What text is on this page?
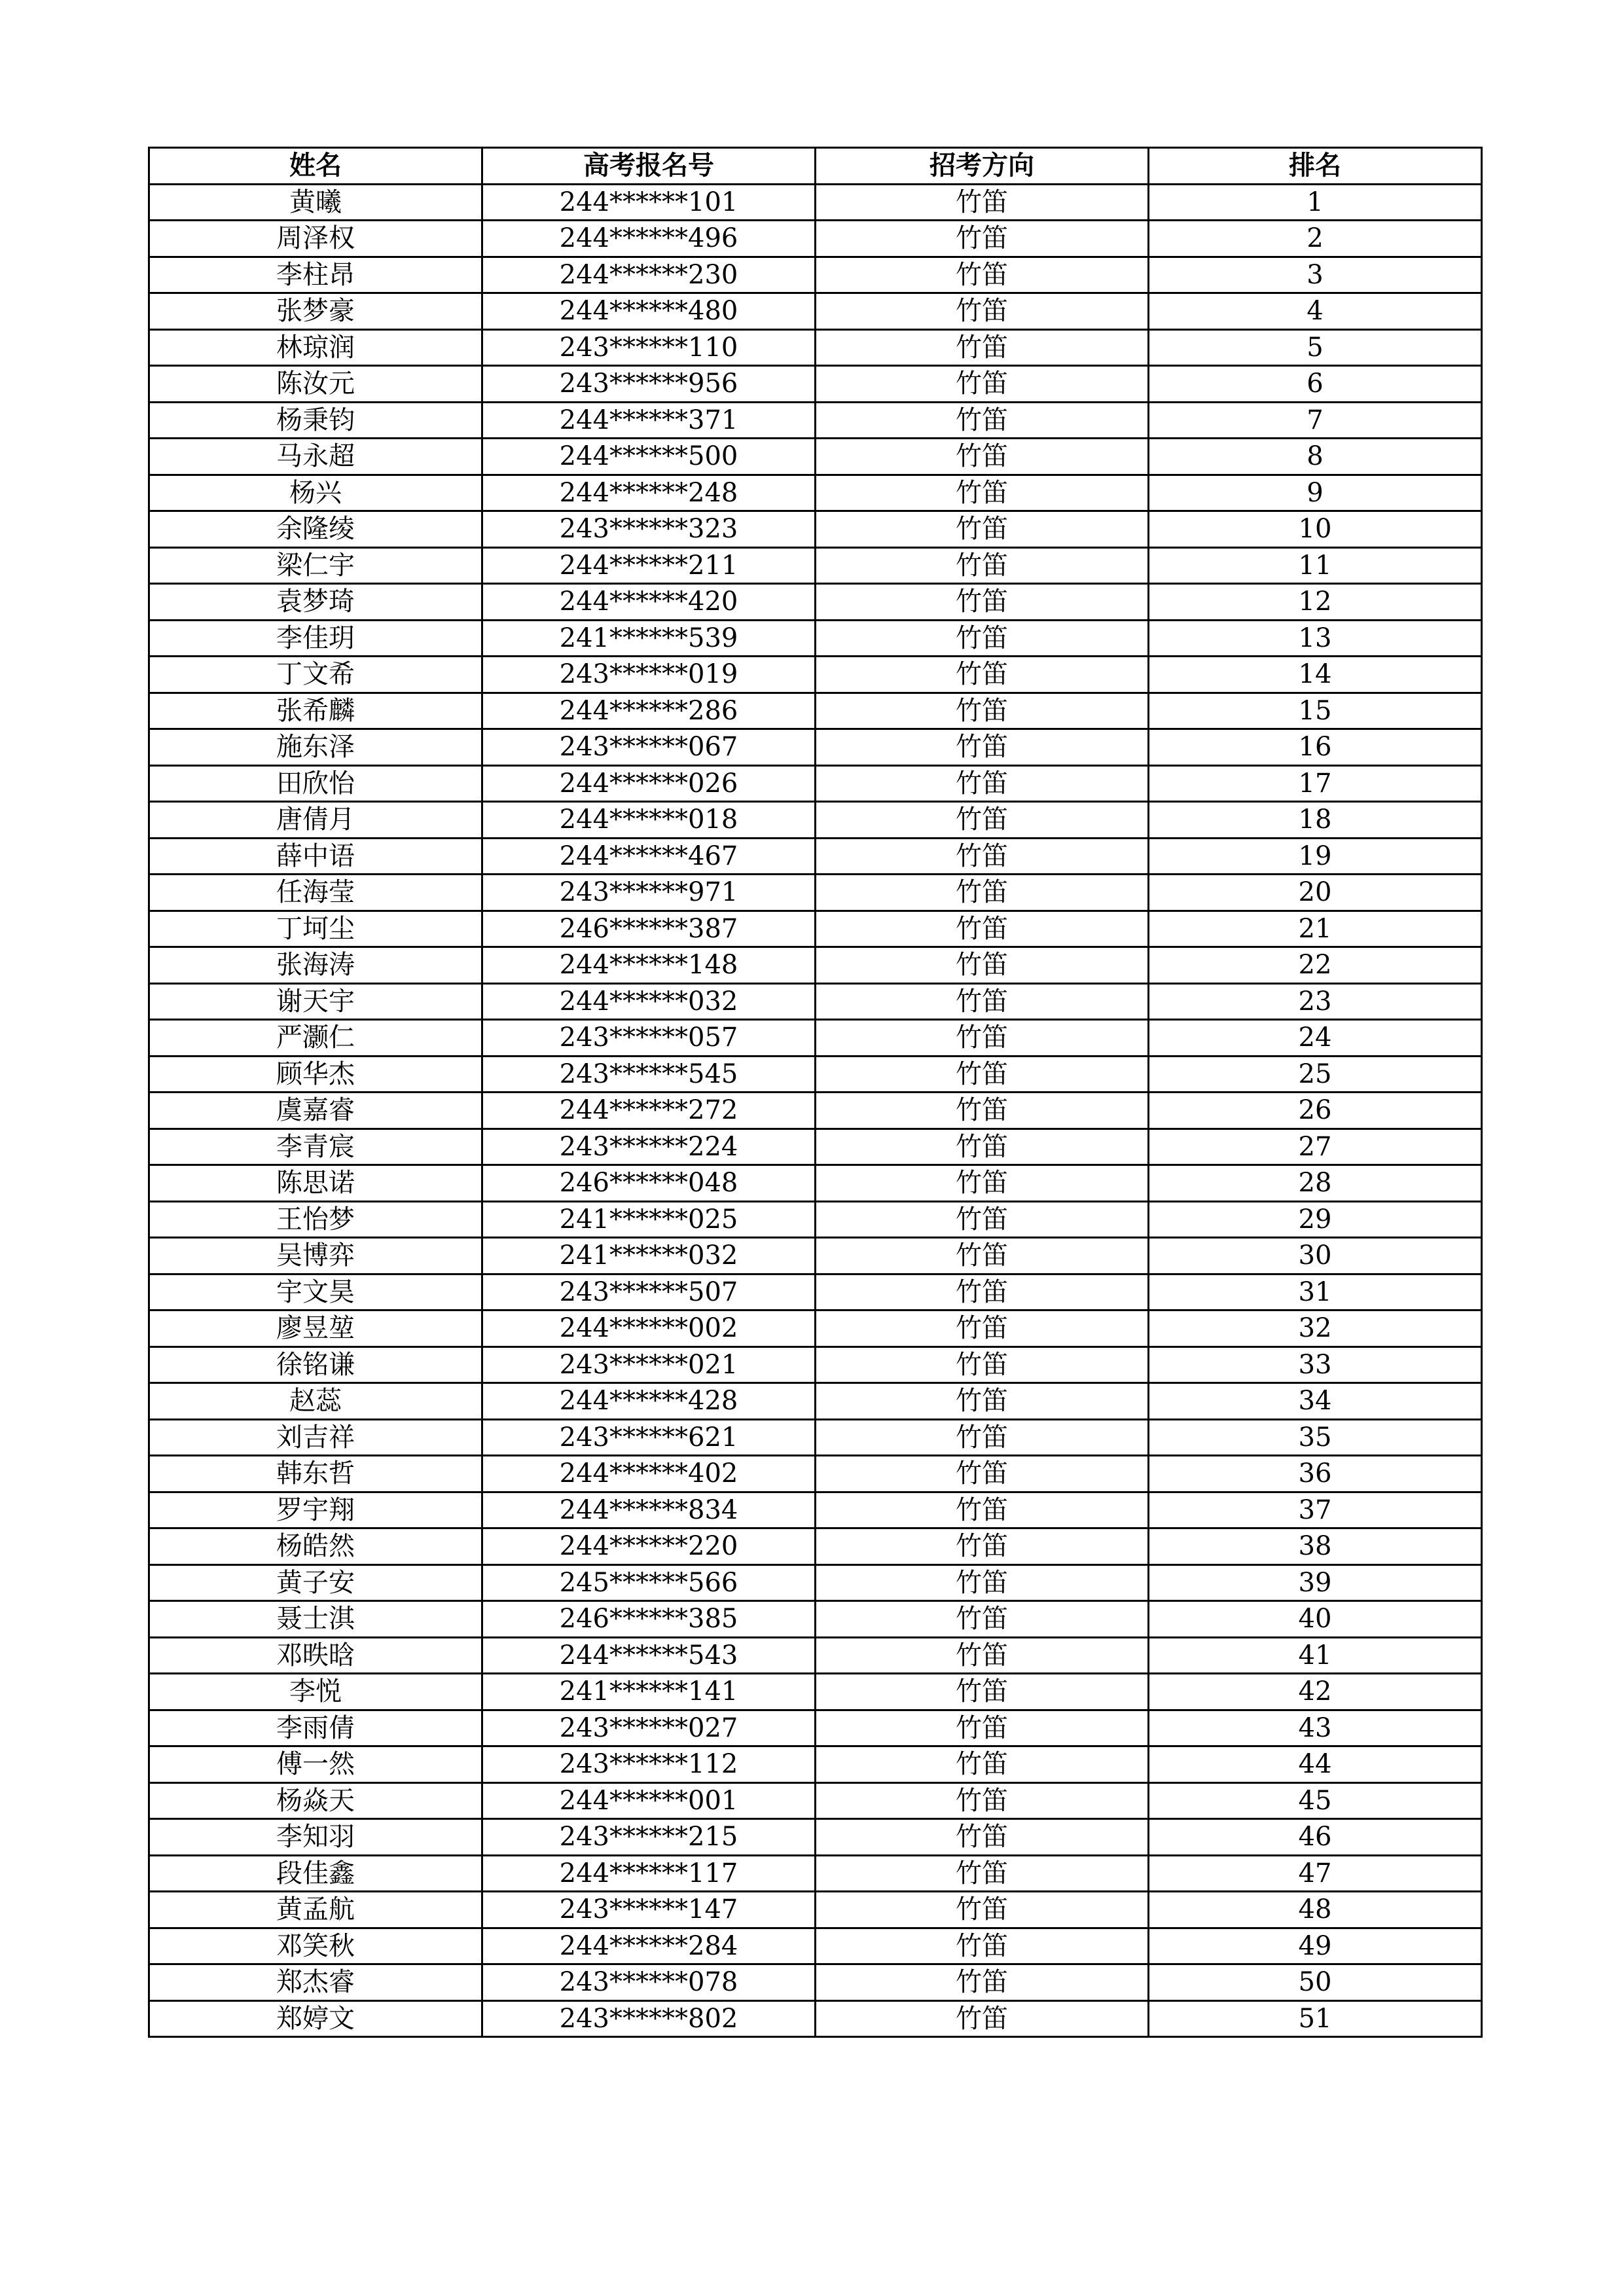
姓名	高考报名号	招考方向	排名
黄曦	244******101	竹笛	1
周泽权	244******496	竹笛	2
李柱昂	244******230	竹笛	3
张梦豪	244******480	竹笛	4
林琼润	243******110	竹笛	5
陈汝元	243******956	竹笛	6
杨秉钧	244******371	竹笛	7
马永超	244******500	竹笛	8
杨兴	244******248	竹笛	9
余隆绫	243******323	竹笛	10
梁仁宇	244******211	竹笛	11
袁梦琦	244******420	竹笛	12
李佳玥	241******539	竹笛	13
丁文希	243******019	竹笛	14
张希麟	244******286	竹笛	15
施东泽	243******067	竹笛	16
田欣怡	244******026	竹笛	17
唐倩月	244******018	竹笛	18
薛中语	244******467	竹笛	19
任海莹	243******971	竹笛	20
丁坷尘	246******387	竹笛	21
张海涛	244******148	竹笛	22
谢天宇	244******032	竹笛	23
严灏仁	243******057	竹笛	24
顾华杰	243******545	竹笛	25
虞嘉睿	244******272	竹笛	26
李青宸	243******224	竹笛	27
陈思诺	246******048	竹笛	28
王怡梦	241******025	竹笛	29
吴博弈	241******032	竹笛	30
宇文昊	243******507	竹笛	31
廖昱堃	244******002	竹笛	32
徐铭谦	243******021	竹笛	33
赵蕊	244******428	竹笛	34
刘吉祥	243******621	竹笛	35
韩东哲	244******402	竹笛	36
罗宇翔	244******834	竹笛	37
杨皓然	244******220	竹笛	38
黄子安	245******566	竹笛	39
聂士淇	246******385	竹笛	40
邓昳晗	244******543	竹笛	41
李悦	241******141	竹笛	42
李雨倩	243******027	竹笛	43
傅一然	243******112	竹笛	44
杨焱天	244******001	竹笛	45
李知羽	243******215	竹笛	46
段佳鑫	244******117	竹笛	47
黄孟航	243******147	竹笛	48
邓笑秋	244******284	竹笛	49
郑杰睿	243******078	竹笛	50
郑婷文	243******802	竹笛	51
